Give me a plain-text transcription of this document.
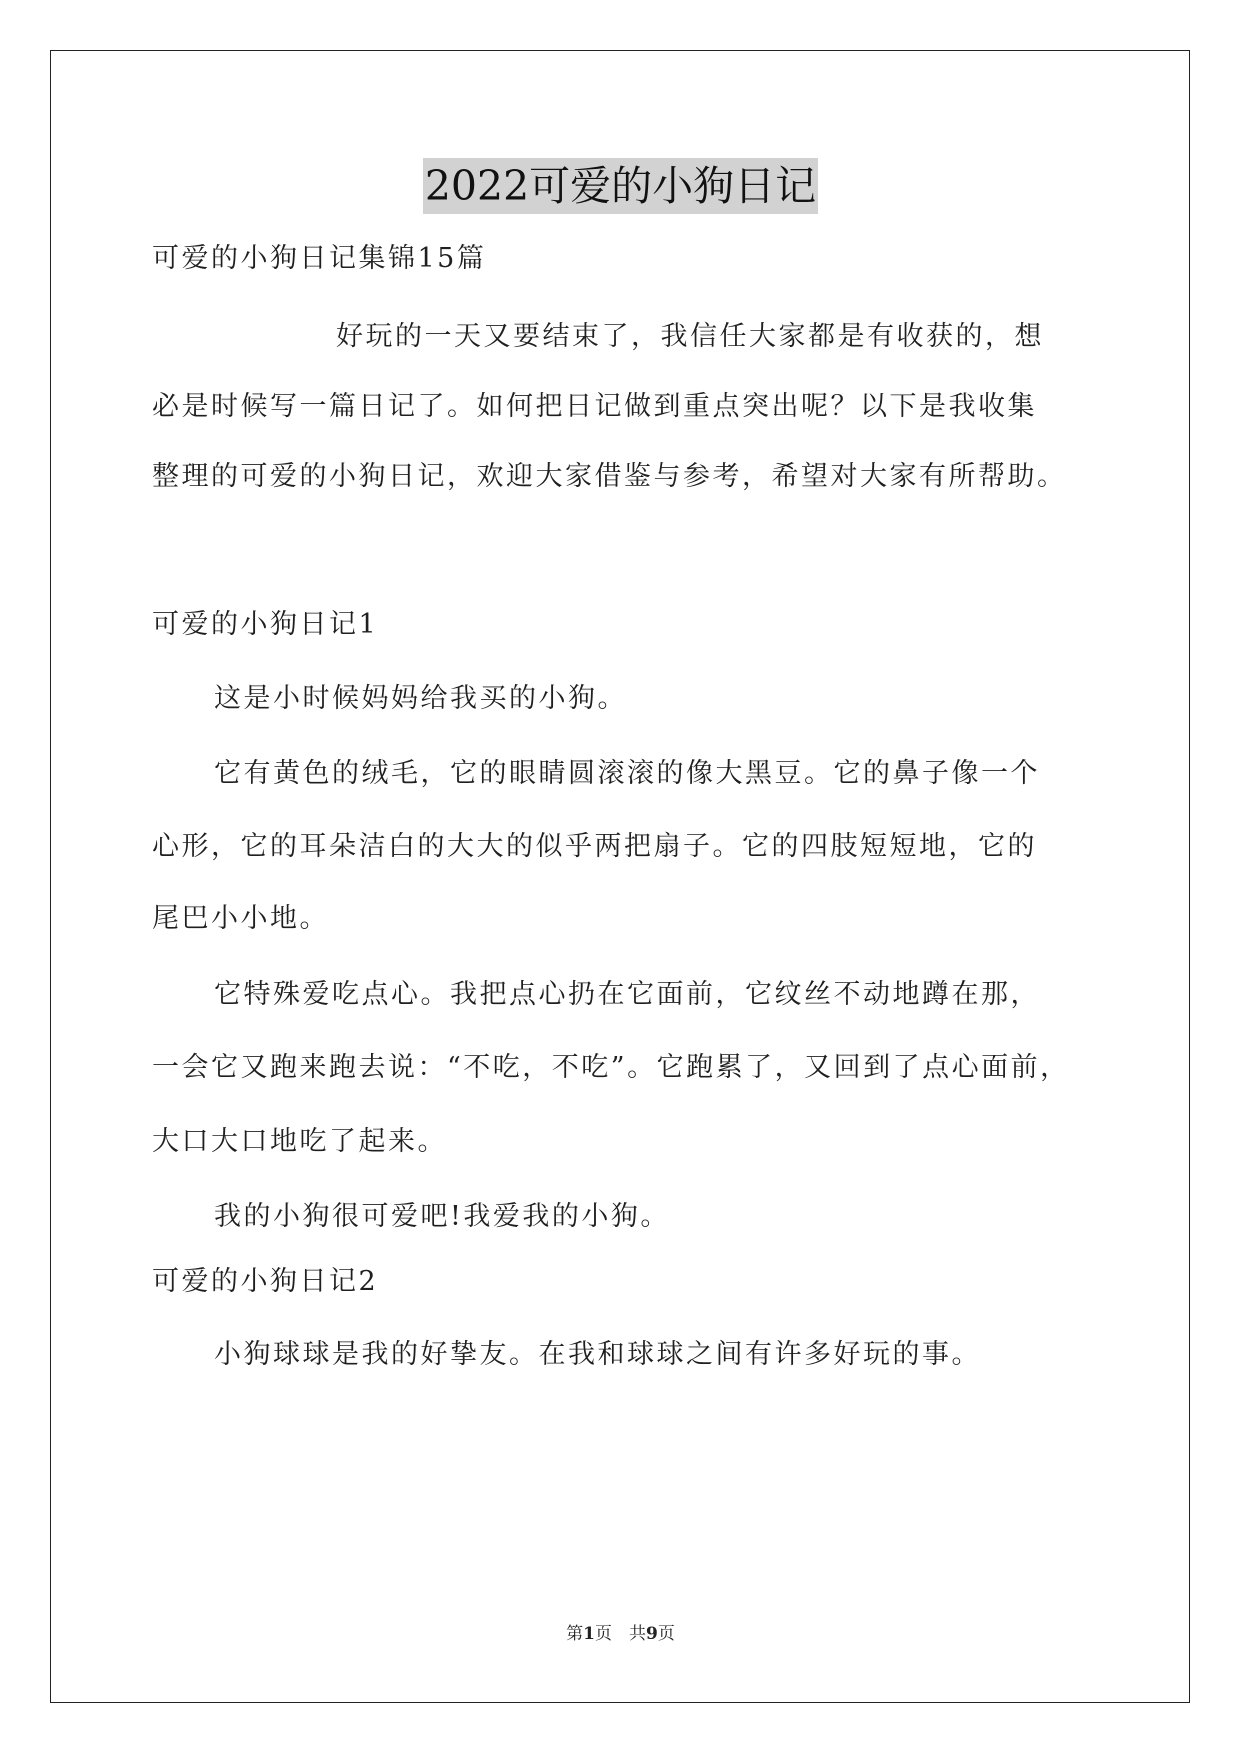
2022可爱的小狗日记
可爱的小狗日记集锦15篇
好玩的一天又要结束了，我信任大家都是有收获的，想
必是时候写一篇日记了。如何把日记做到重点突出呢？以下是我收集
整理的可爱的小狗日记，欢迎大家借鉴与参考，希望对大家有所帮助。
可爱的小狗日记1
这是小时候妈妈给我买的小狗。
它有黄色的绒毛，它的眼睛圆滚滚的像大黑豆。它的鼻子像一个
心形，它的耳朵洁白的大大的似乎两把扇子。它的四肢短短地，它的
尾巴小小地。
它特殊爱吃点心。我把点心扔在它面前，它纹丝不动地蹲在那，
一会它又跑来跑去说：“不吃，不吃”。它跑累了，又回到了点心面前，
大口大口地吃了起来。
我的小狗很可爱吧!我爱我的小狗。
可爱的小狗日记2
小狗球球是我的好挚友。在我和球球之间有许多好玩的事。
第1页　共9页
